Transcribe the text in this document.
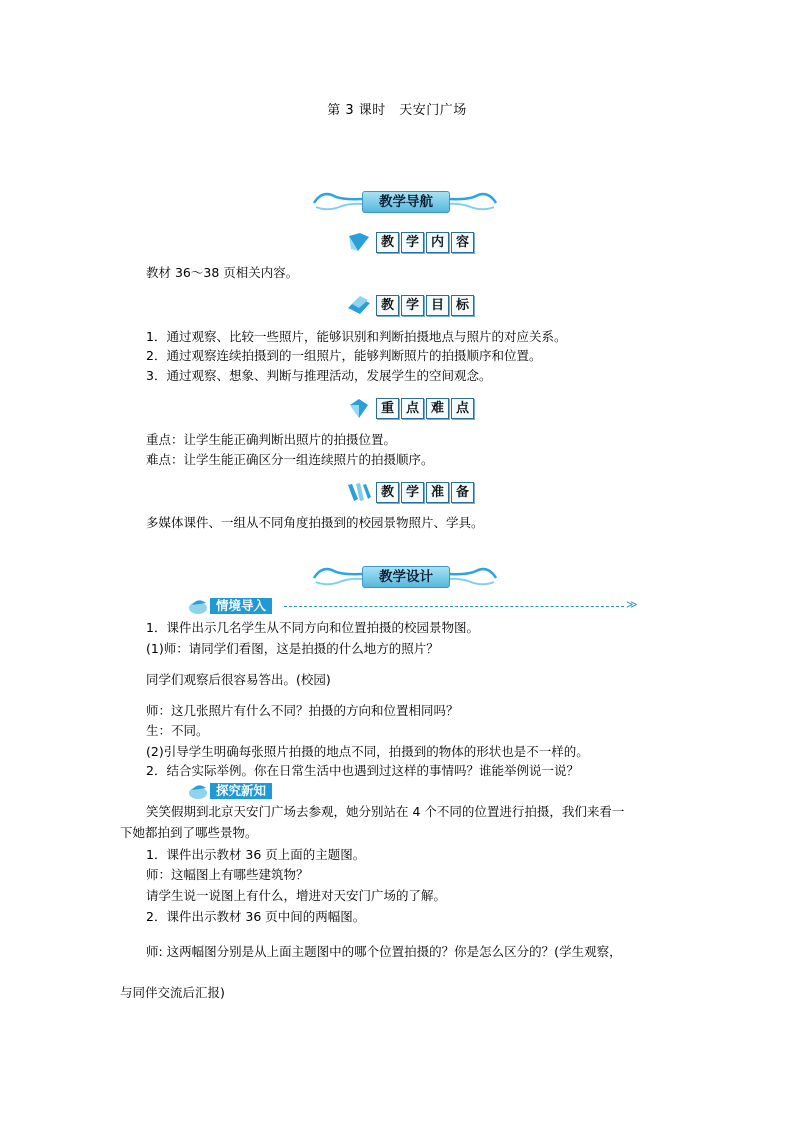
第 3 课时　天安门广场
教学导航
教 学 内 容
教材 36～38 页相关内容。
教 学 目 标
1．通过观察、比较一些照片，能够识别和判断拍摄地点与照片的对应关系。
2．通过观察连续拍摄到的一组照片，能够判断照片的拍摄顺序和位置。
3．通过观察、想象、判断与推理活动，发展学生的空间观念。
重 点 难 点
重点：让学生能正确判断出照片的拍摄位置。
难点：让学生能正确区分一组连续照片的拍摄顺序。
教 学 准 备
多媒体课件、一组从不同角度拍摄到的校园景物照片、学具。
教学设计
情境导入	≫
1．课件出示几名学生从不同方向和位置拍摄的校园景物图。
(1)师：请同学们看图，这是拍摄的什么地方的照片？
同学们观察后很容易答出。(校园)
师：这几张照片有什么不同？拍摄的方向和位置相同吗？
生：不同。
(2)引导学生明确每张照片拍摄的地点不同，拍摄到的物体的形状也是不一样的。
2．结合实际举例。你在日常生活中也遇到过这样的事情吗？谁能举例说一说？
探究新知
笑笑假期到北京天安门广场去参观，她分别站在 4 个不同的位置进行拍摄，我们来看一
下她都拍到了哪些景物。
1．课件出示教材 36 页上面的主题图。
师：这幅图上有哪些建筑物？
请学生说一说图上有什么，增进对天安门广场的了解。
2．课件出示教材 36 页中间的两幅图。
师: 这两幅图分别是从上面主题图中的哪个位置拍摄的？你是怎么区分的？(学生观察，
与同伴交流后汇报)
